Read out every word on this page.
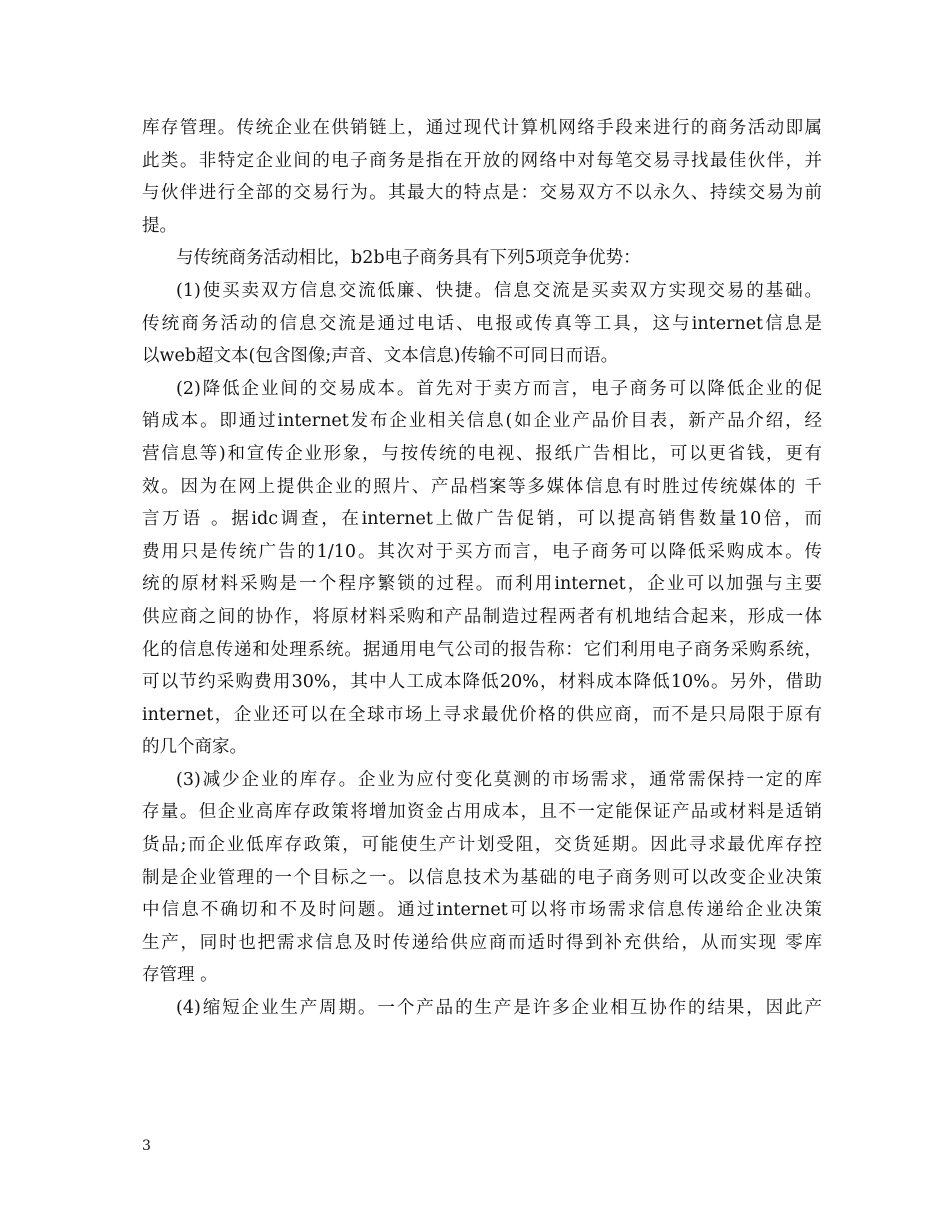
库存管理。传统企业在供销链上，通过现代计算机网络手段来进行的商务活动即属
此类。非特定企业间的电子商务是指在开放的网络中对每笔交易寻找最佳伙伴，并
与伙伴进行全部的交易行为。其最大的特点是：交易双方不以永久、持续交易为前
提。
与传统商务活动相比，b2b电子商务具有下列5项竞争优势：
(1)使买卖双方信息交流低廉、快捷。信息交流是买卖双方实现交易的基础。
传统商务活动的信息交流是通过电话、电报或传真等工具，这与internet信息是
以web超文本(包含图像;声音、文本信息)传输不可同日而语。
(2)降低企业间的交易成本。首先对于卖方而言，电子商务可以降低企业的促
销成本。即通过internet发布企业相关信息(如企业产品价目表，新产品介绍，经
营信息等)和宣传企业形象，与按传统的电视、报纸广告相比，可以更省钱，更有
效。因为在网上提供企业的照片、产品档案等多媒体信息有时胜过传统媒体的 千
言万语 。据idc调查，在internet上做广告促销，可以提高销售数量10倍，而
费用只是传统广告的1/10。其次对于买方而言，电子商务可以降低采购成本。传
统的原材料采购是一个程序繁锁的过程。而利用internet，企业可以加强与主要
供应商之间的协作，将原材料采购和产品制造过程两者有机地结合起来，形成一体
化的信息传递和处理系统。据通用电气公司的报告称：它们利用电子商务采购系统，
可以节约采购费用30%，其中人工成本降低20%，材料成本降低10%。另外，借助
internet，企业还可以在全球市场上寻求最优价格的供应商，而不是只局限于原有
的几个商家。
(3)减少企业的库存。企业为应付变化莫测的市场需求，通常需保持一定的库
存量。但企业高库存政策将增加资金占用成本，且不一定能保证产品或材料是适销
货品;而企业低库存政策，可能使生产计划受阻，交货延期。因此寻求最优库存控
制是企业管理的一个目标之一。以信息技术为基础的电子商务则可以改变企业决策
中信息不确切和不及时问题。通过internet可以将市场需求信息传递给企业决策
生产，同时也把需求信息及时传递给供应商而适时得到补充供给，从而实现 零库
存管理 。
(4)缩短企业生产周期。一个产品的生产是许多企业相互协作的结果，因此产
3
